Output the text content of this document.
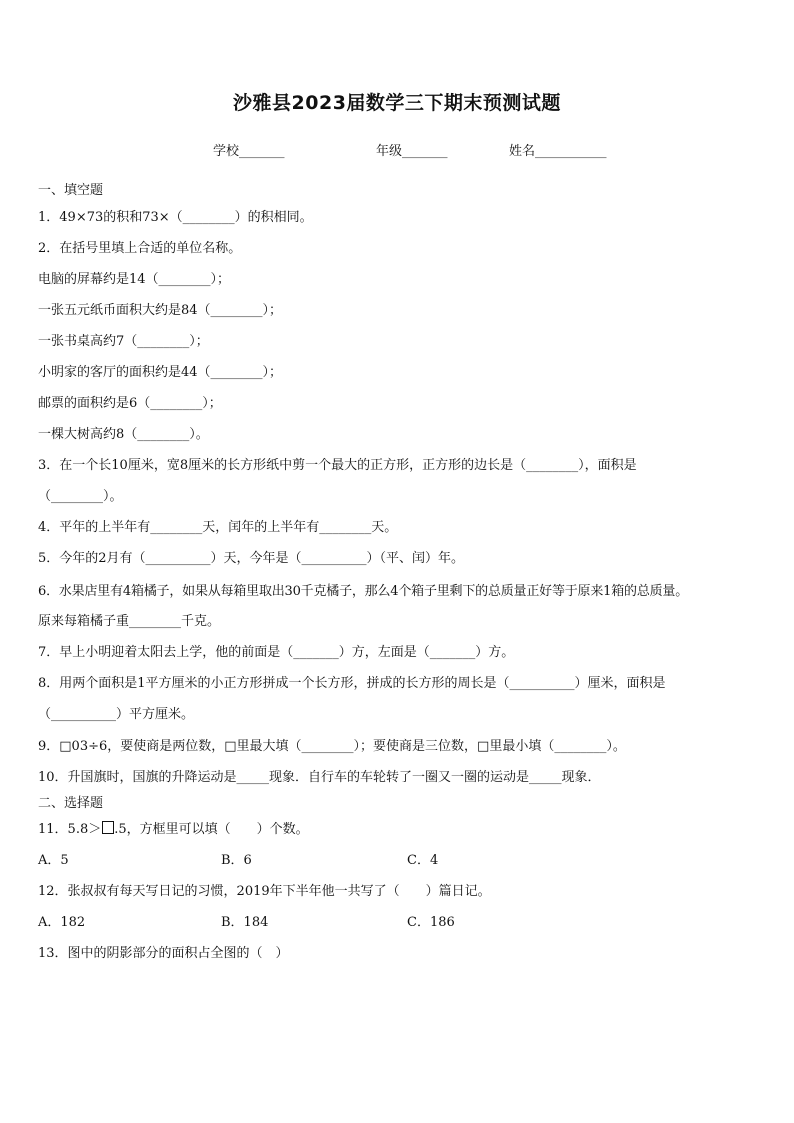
沙雅县2023届数学三下期末预测试题
学校_______	年级_______	姓名___________
一、填空题
1．49×73的积和73×（________）的积相同。
2．在括号里填上合适的单位名称。
电脑的屏幕约是14（________）；
一张五元纸币面积大约是84（________）；
一张书桌高约7（________）；
小明家的客厅的面积约是44（________）；
邮票的面积约是6（________）；
一棵大树高约8（________）。
3．在一个长10厘米，宽8厘米的长方形纸中剪一个最大的正方形，正方形的边长是（________），面积是
（________）。
4．平年的上半年有________天，闰年的上半年有________天。
5．今年的2月有（__________）天，今年是（__________）（平、闰）年。
6．水果店里有4箱橘子，如果从每箱里取出30千克橘子，那么4个箱子里剩下的总质量正好等于原来1箱的总质量。
原来每箱橘子重________千克。
7．早上小明迎着太阳去上学，他的前面是（_______）方，左面是（_______）方。
8．用两个面积是1平方厘米的小正方形拼成一个长方形，拼成的长方形的周长是（__________）厘米，面积是
（__________）平方厘米。
9．□03÷6，要使商是两位数，□里最大填（________）；要使商是三位数，□里最小填（________）。
10．升国旗时，国旗的升降运动是_____现象．自行车的车轮转了一圈又一圈的运动是_____现象．
二、选择题
11．5.8＞ .5，方框里可以填（　　）个数。
A．5	B．6	C．4
12．张叔叔有每天写日记的习惯，2019年下半年他一共写了（　　）篇日记。
A．182	B．184	C．186
13．图中的阴影部分的面积占全图的（　）
